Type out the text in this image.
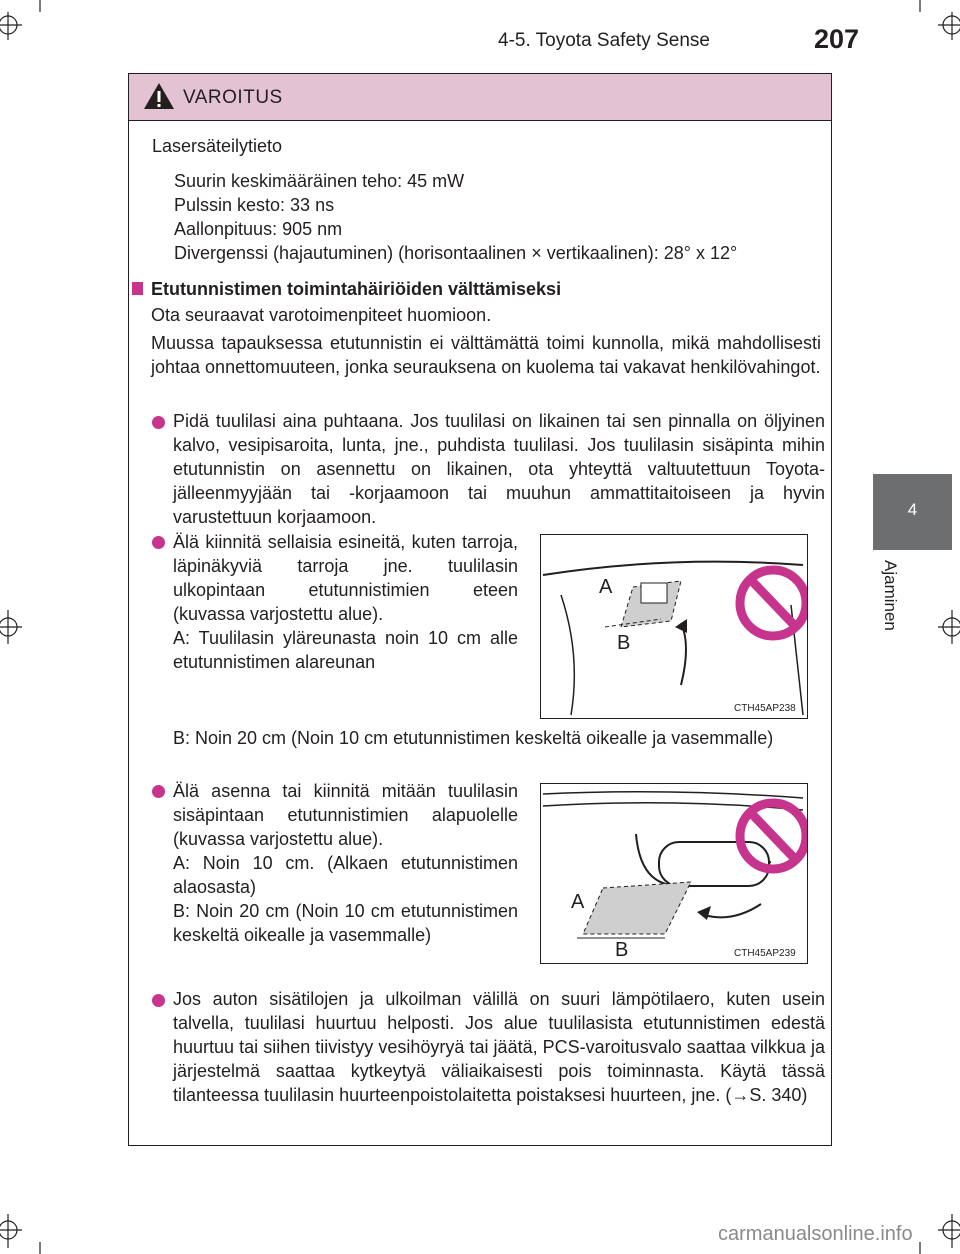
4-5. Toyota Safety Sense	207
4
Ajaminen
VAROITUS
Lasersäteilytieto
Suurin keskimääräinen teho: 45 mW
Pulssin kesto: 33 ns
Aallonpituus: 905 nm
Divergenssi (hajautuminen) (horisontaalinen × vertikaalinen): 28° x 12°
Etutunnistimen toimintahäiriöiden välttämiseksi
Ota seuraavat varotoimenpiteet huomioon.
Muussa tapauksessa etutunnistin ei välttämättä toimi kunnolla, mikä mahdollisesti johtaa onnettomuuteen, jonka seurauksena on kuolema tai vakavat henkilövahingot.
Pidä tuulilasi aina puhtaana. Jos tuulilasi on likainen tai sen pinnalla on öljyinen kalvo, vesipisaroita, lunta, jne., puhdista tuulilasi. Jos tuulilasin sisäpinta mihin etutunnistin on asennettu on likainen, ota yhteyttä valtuutettuun Toyota-jälleenmyyjään tai -korjaamoon tai muuhun ammattitaitoiseen ja hyvin varustettuun korjaamoon.
Älä kiinnitä sellaisia esineitä, kuten tarroja, läpinäkyviä tarroja jne. tuulilasin ulkopintaan etutunnistimien eteen (kuvassa varjostettu alue).
A: Tuulilasin yläreunasta noin 10 cm alle etutunnistimen alareunan
A
B
CTH45AP238
B: Noin 20 cm (Noin 10 cm etutunnistimen keskeltä oikealle ja vasemmalle)
Älä asenna tai kiinnitä mitään tuulilasin sisäpintaan etutunnistimien alapuolelle (kuvassa varjostettu alue).
A: Noin 10 cm. (Alkaen etutunnistimen alaosasta)
B: Noin 20 cm (Noin 10 cm etutunnistimen keskeltä oikealle ja vasemmalle)
A
B	CTH45AP239
Jos auton sisätilojen ja ulkoilman välillä on suuri lämpötilaero, kuten usein talvella, tuulilasi huurtuu helposti. Jos alue tuulilasista etutunnistimen edestä huurtuu tai siihen tiivistyy vesihöyryä tai jäätä, PCS-varoitusvalo saattaa vilkkua ja järjestelmä saattaa kytkeytyä väliaikaisesti pois toiminnasta. Käytä tässä tilanteessa tuulilasin huurteenpoistolaitetta poistaksesi huurteen, jne. (→S. 340)
carmanualsonline.info
